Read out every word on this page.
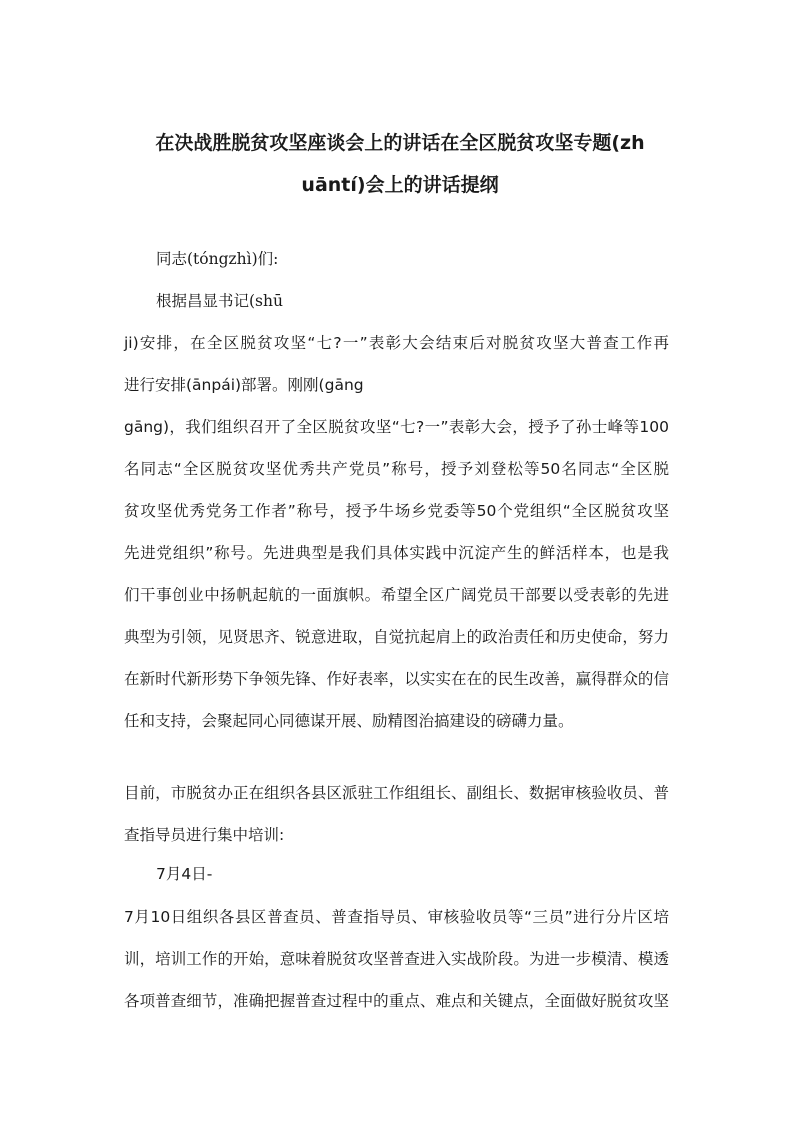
在决战胜脱贫攻坚座谈会上的讲话在全区脱贫攻坚专题(zh
uāntí)会上的讲话提纲

同志(tóngzhì)们:

根据昌显书记(shū

ji)安排，在全区脱贫攻坚“七?一”表彰大会结束后对脱贫攻坚大普查工作再

进行安排(ānpái)部署。刚刚(gāng

gāng)，我们组织召开了全区脱贫攻坚“七?一”表彰大会，授予了孙士峰等100

名同志“全区脱贫攻坚优秀共产党员”称号，授予刘登松等50名同志“全区脱

贫攻坚优秀党务工作者”称号，授予牛场乡党委等50个党组织“全区脱贫攻坚

先进党组织”称号。先进典型是我们具体实践中沉淀产生的鲜活样本，也是我

们干事创业中扬帆起航的一面旗帜。希望全区广阔党员干部要以受表彰的先进

典型为引领，见贤思齐、锐意进取，自觉抗起肩上的政治责任和历史使命，努力

在新时代新形势下争领先锋、作好表率，以实实在在的民生改善，赢得群众的信

任和支持，会聚起同心同德谋开展、励精图治搞建设的磅礴力量。

目前，市脱贫办正在组织各县区派驻工作组组长、副组长、数据审核验收员、普

查指导员进行集中培训:

7月4日-

7月10日组织各县区普查员、普查指导员、审核验收员等“三员”进行分片区培

训，培训工作的开始，意味着脱贫攻坚普查进入实战阶段。为进一步模清、模透

各项普查细节，准确把握普查过程中的重点、难点和关键点，全面做好脱贫攻坚
